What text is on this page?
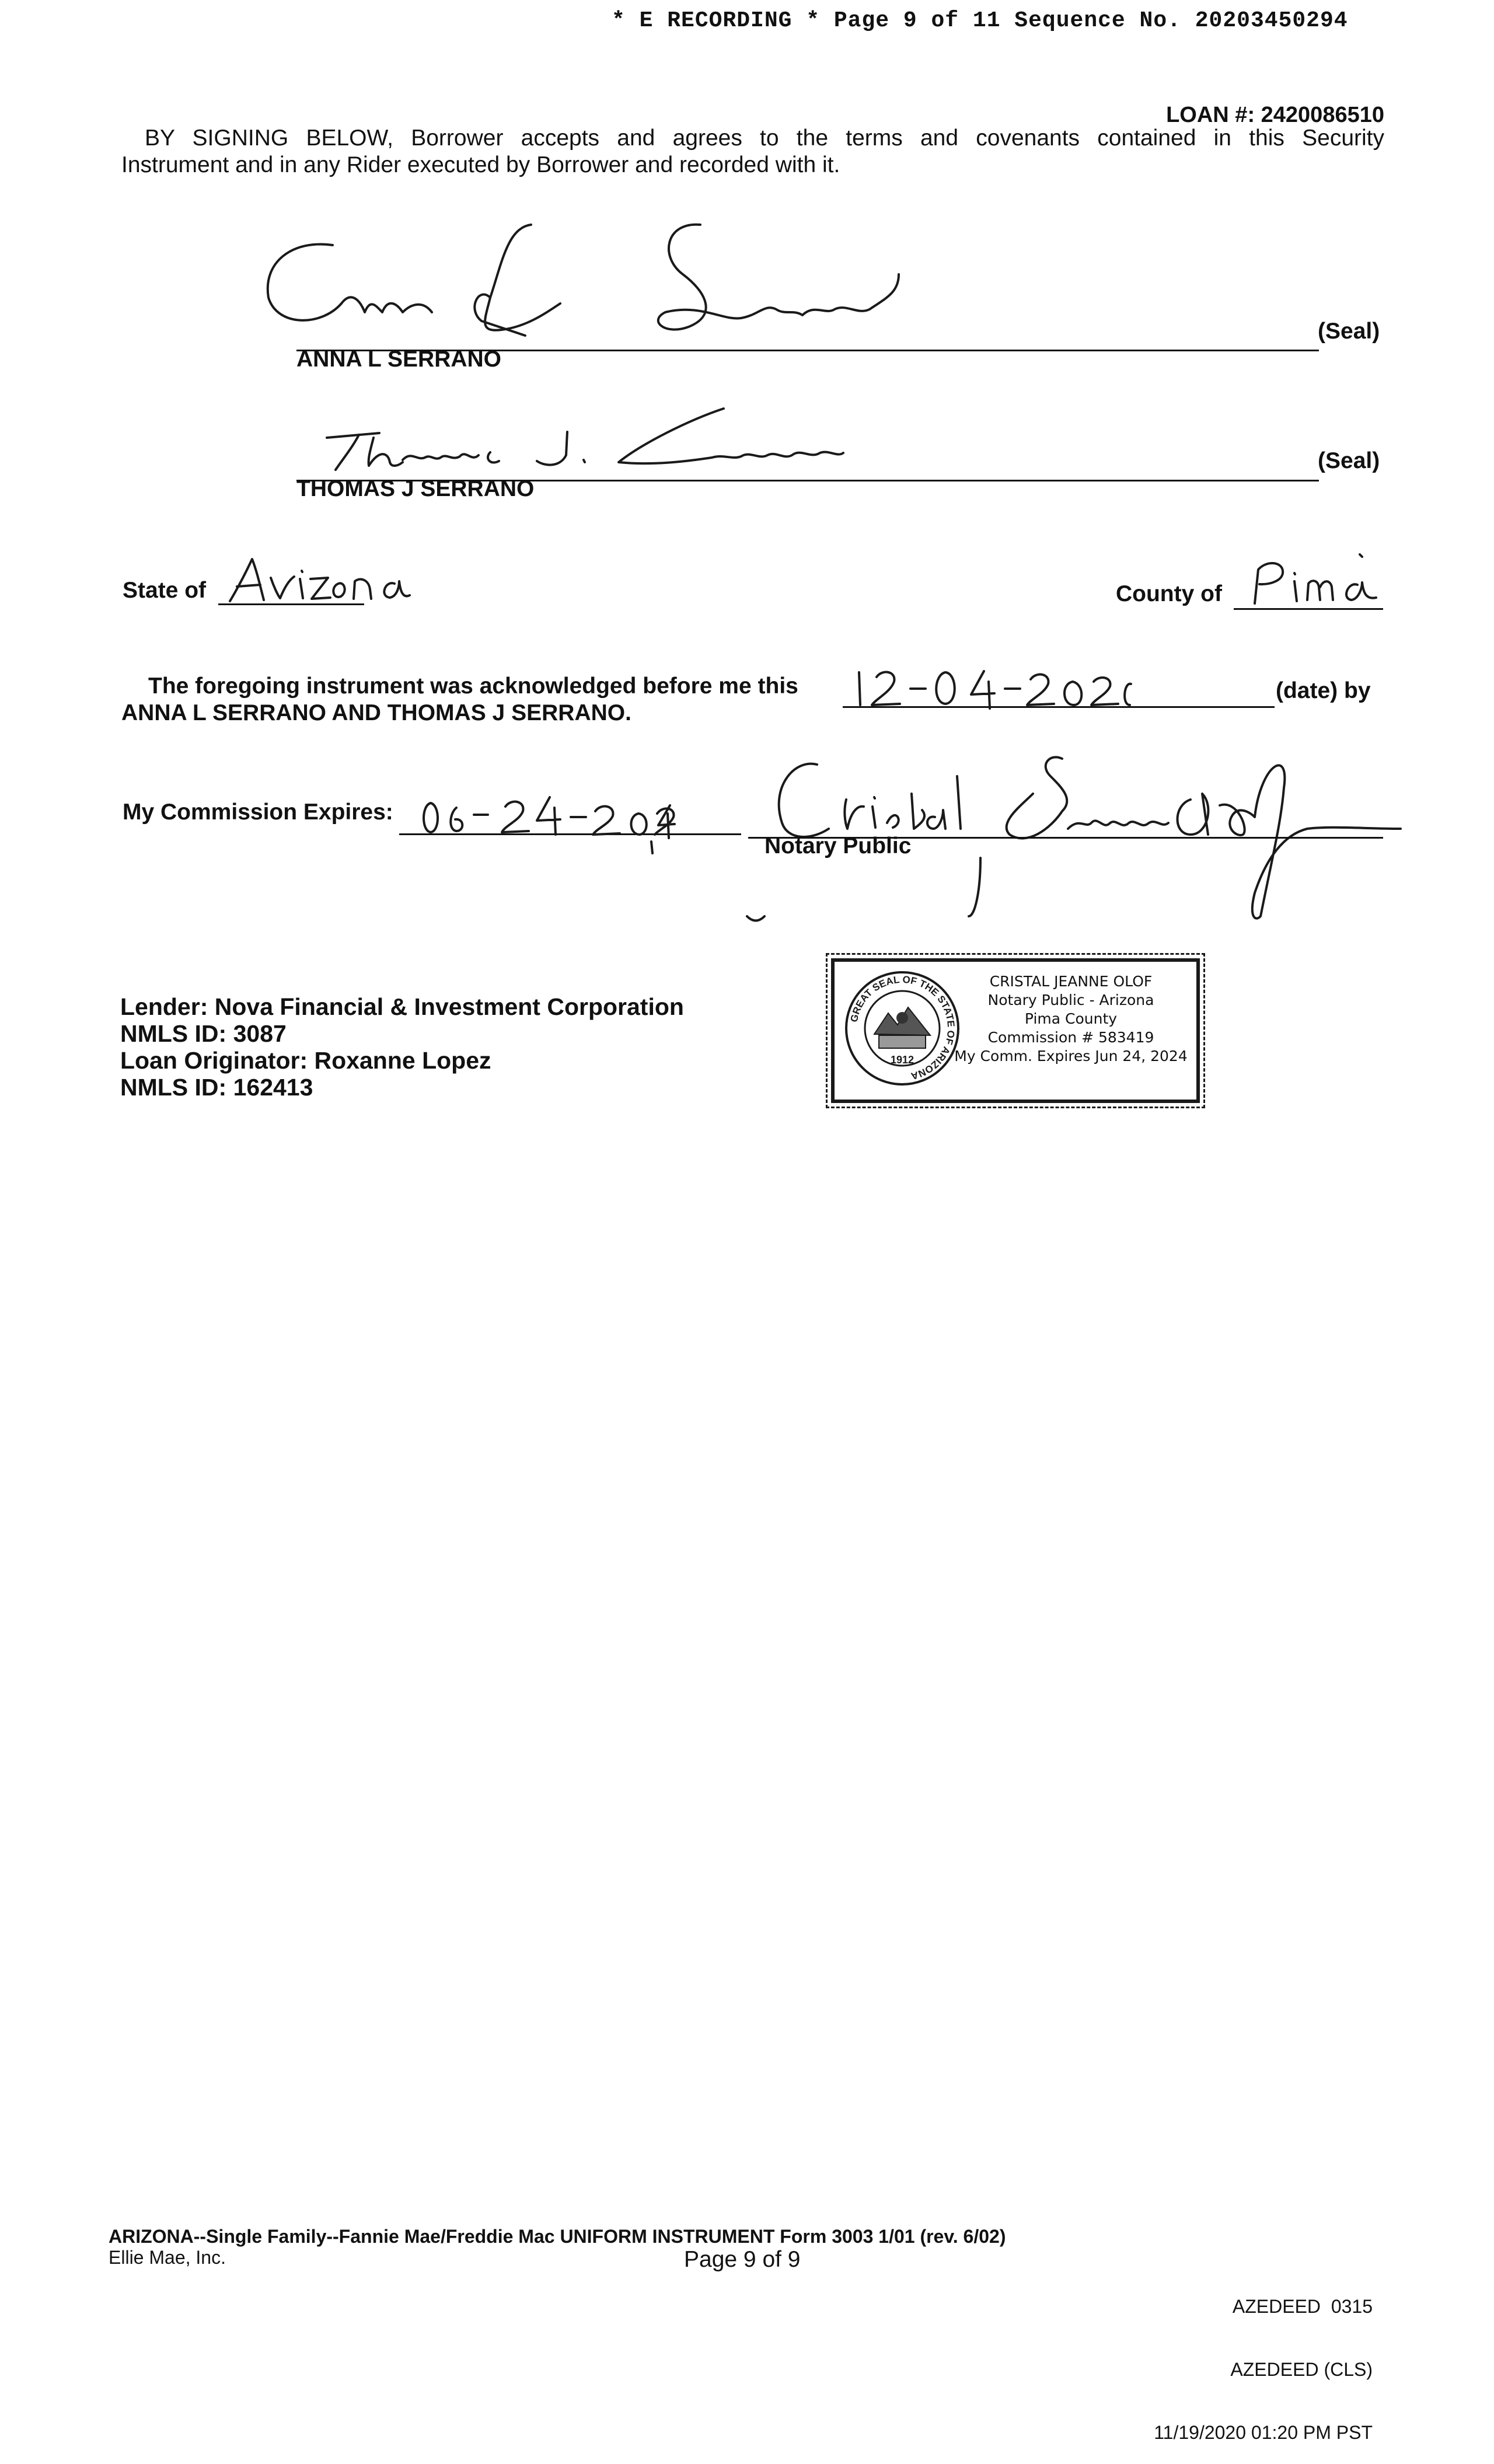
* E RECORDING * Page 9 of 11 Sequence No. 20203450294
LOAN #: 2420086510
BY SIGNING BELOW, Borrower accepts and agrees to the terms and covenants contained in this Security
Instrument and in any Rider executed by Borrower and recorded with it.
ANNA L SERRANO
(Seal)
THOMAS J SERRANO
(Seal)
State of	County of
The foregoing instrument was acknowledged before me this	(date) by
ANNA L SERRANO AND THOMAS J SERRANO.
My Commission Expires:
Notary Public
GREAT SEAL OF THE STATE OF ARIZONA
1912
CRISTAL JEANNE OLOF
Notary Public - Arizona
Pima County
Commission # 583419
My Comm. Expires Jun 24, 2024
Lender: Nova Financial & Investment Corporation
NMLS ID: 3087
Loan Originator: Roxanne Lopez
NMLS ID: 162413
ARIZONA--Single Family--Fannie Mae/Freddie Mac UNIFORM INSTRUMENT Form 3003 1/01 (rev. 6/02)
Ellie Mae, Inc.	Page 9 of 9

AZEDEED  0315

AZEDEED (CLS)

11/19/2020 01:20 PM PST
